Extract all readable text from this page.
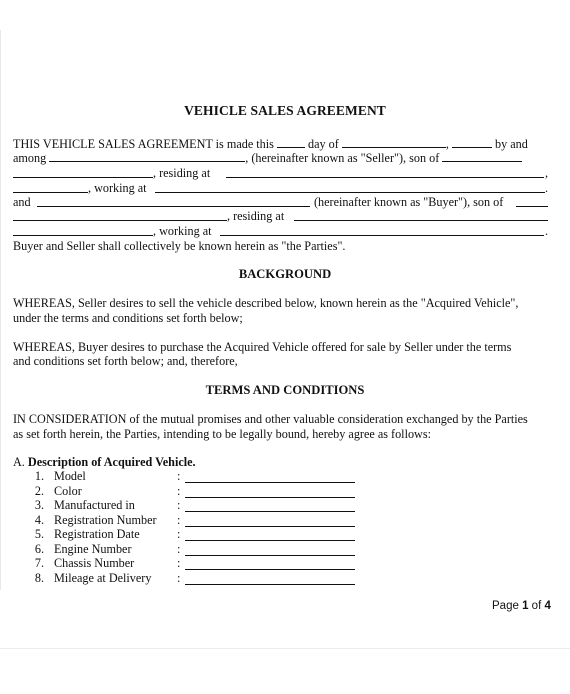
VEHICLE SALES AGREEMENT
THIS VEHICLE SALES AGREEMENT is made this	day of	,	by and
among	, (hereinafter known as "Seller"), son of
, residing at	,
, working at	.
and	(hereinafter known as "Buyer"), son of
, residing at
, working at	.
Buyer and Seller shall collectively be known herein as "the Parties".
BACKGROUND
WHEREAS, Seller desires to sell the vehicle described below, known herein as the "Acquired Vehicle",
under the terms and conditions set forth below;
WHEREAS, Buyer desires to purchase the Acquired Vehicle offered for sale by Seller under the terms
and conditions set forth below; and, therefore,
TERMS AND CONDITIONS
IN CONSIDERATION of the mutual promises and other valuable consideration exchanged by the Parties
as set forth herein, the Parties, intending to be legally bound, hereby agree as follows:
A. Description of Acquired Vehicle.
1. Model	:
2. Color	:
3. Manufactured in	:
4. Registration Number :
5. Registration Date	:
6. Engine Number	:
7. Chassis Number	:
8. Mileage at Delivery :
Page 1 of 4
